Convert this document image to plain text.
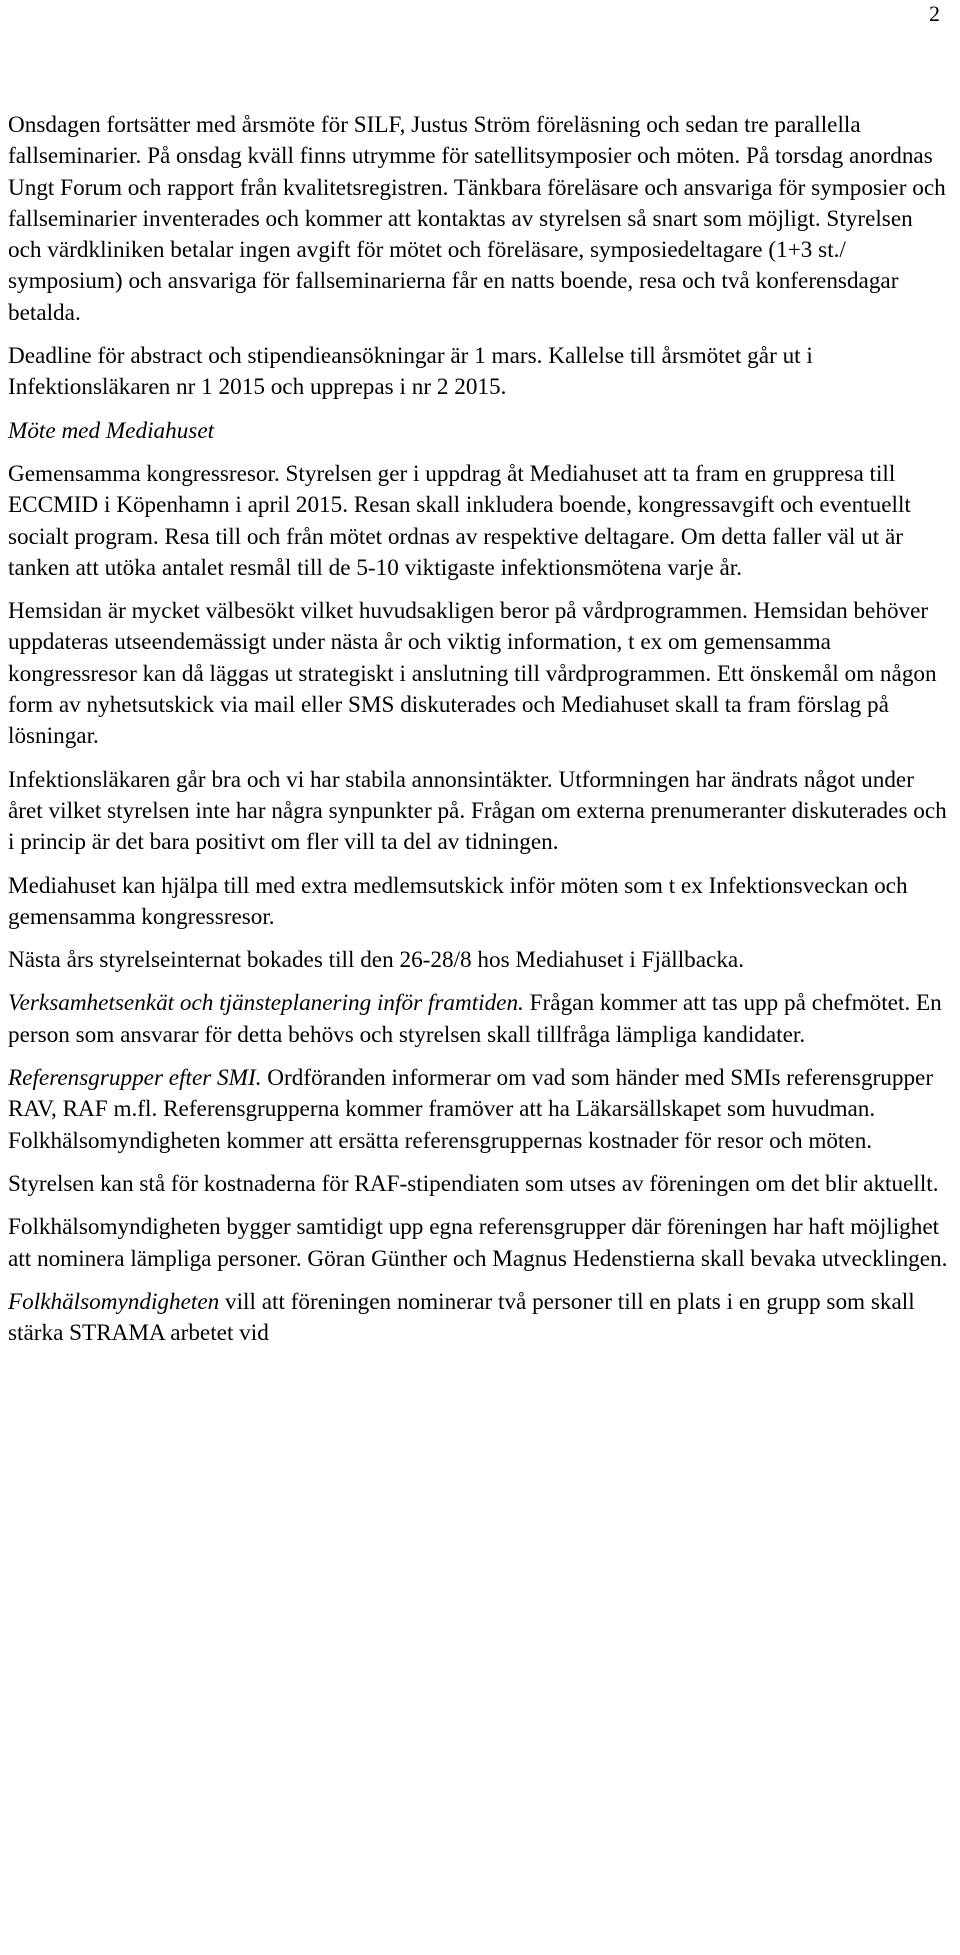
2

Onsdagen fortsätter med årsmöte för SILF, Justus Ström föreläsning och sedan tre parallella fallseminarier. På onsdag kväll finns utrymme för satellitsymposier och möten. På torsdag anordnas Ungt Forum och rapport från kvalitetsregistren. Tänkbara föreläsare och ansvariga för symposier och fallseminarier inventerades och kommer att kontaktas av styrelsen så snart som möjligt. Styrelsen och värdkliniken betalar ingen avgift för mötet och föreläsare, symposiedeltagare (1+3 st./ symposium) och ansvariga för fallseminarierna får en natts boende, resa och två konferensdagar betalda.

Deadline för abstract och stipendieansökningar är 1 mars. Kallelse till årsmötet går ut i Infektionsläkaren nr 1 2015 och upprepas i nr 2 2015.

Möte med Mediahuset

Gemensamma kongressresor. Styrelsen ger i uppdrag åt Mediahuset att ta fram en gruppresa till ECCMID i Köpenhamn i april 2015. Resan skall inkludera boende, kongressavgift och eventuellt socialt program. Resa till och från mötet ordnas av respektive deltagare. Om detta faller väl ut är tanken att utöka antalet resmål till de 5-10 viktigaste infektionsmötena varje år.

Hemsidan är mycket välbesökt vilket huvudsakligen beror på vårdprogrammen. Hemsidan behöver uppdateras utseendemässigt under nästa år och viktig information, t ex om gemensamma kongressresor kan då läggas ut strategiskt i anslutning till vårdprogrammen. Ett önskemål om någon form av nyhetsutskick via mail eller SMS diskuterades och Mediahuset skall ta fram förslag på lösningar.

Infektionsläkaren går bra och vi har stabila annonsintäkter. Utformningen har ändrats något under året vilket styrelsen inte har några synpunkter på. Frågan om externa prenumeranter diskuterades och i princip är det bara positivt om fler vill ta del av tidningen.

Mediahuset kan hjälpa till med extra medlemsutskick inför möten som t ex Infektionsveckan och gemensamma kongressresor.

Nästa års styrelseinternat bokades till den 26-28/8 hos Mediahuset i Fjällbacka.

Verksamhetsenkät och tjänsteplanering inför framtiden. Frågan kommer att tas upp på chefmötet. En person som ansvarar för detta behövs och styrelsen skall tillfråga lämpliga kandidater.

Referensgrupper efter SMI. Ordföranden informerar om vad som händer med SMIs referensgrupper RAV, RAF m.fl. Referensgrupperna kommer framöver att ha Läkarsällskapet som huvudman. Folkhälsomyndigheten kommer att ersätta referensgruppernas kostnader för resor och möten.

Styrelsen kan stå för kostnaderna för RAF-stipendiaten som utses av föreningen om det blir aktuellt.

Folkhälsomyndigheten bygger samtidigt upp egna referensgrupper där föreningen har haft möjlighet att nominera lämpliga personer. Göran Günther och Magnus Hedenstierna skall bevaka utvecklingen.

Folkhälsomyndigheten vill att föreningen nominerar två personer till en plats i en grupp som skall stärka STRAMA arbetet vid
